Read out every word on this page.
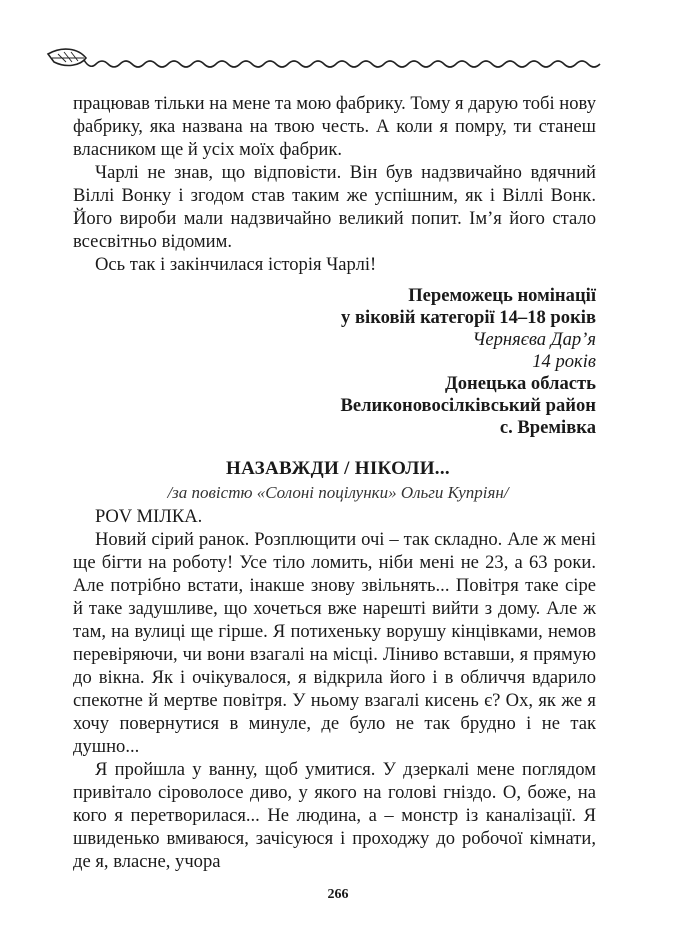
працював тільки на мене та мою фабрику. Тому я дарую тобі нову фабрику, яка названа на твою честь. А коли я помру, ти станеш власником ще й усіх моїх фабрик.

Чарлі не знав, що відповісти. Він був надзвичайно вдячний Віллі Вонку і згодом став таким же успішним, як і Віллі Вонк. Його вироби мали надзвичайно великий попит. Ім’я його стало всесвітньо відомим.

Ось так і закінчилася історія Чарлі!

Переможець номінації
у віковій категорії 14–18 років
Черняєва Дар’я
14 років
Донецька область
Великоновосілківський район
с. Времівка
НАЗАВЖДИ / НІКОЛИ...
/за повістю «Солоні поцілунки» Ольги Купріян/

POV МІЛКА.

Новий сірий ранок. Розплющити очі – так складно. Але ж мені ще бігти на роботу! Усе тіло ломить, ніби мені не 23, а 63 роки. Але потрібно встати, інакше знову звільнять... Повітря таке сіре й таке задушливе, що хочеться вже нарешті вийти з дому. Але ж там, на вулиці ще гірше. Я потихеньку ворушу кінцівками, немов перевіряючи, чи вони взагалі на місці. Ліниво вставши, я прямую до вікна. Як і очікувалося, я відкрила його і в обличчя вдарило спекотне й мертве повітря. У ньому взагалі кисень є? Ох, як же я хочу повернутися в минуле, де було не так брудно і не так душно...

Я пройшла у ванну, щоб умитися. У дзеркалі мене поглядом привітало сіроволосе диво, у якого на голові гніздо. О, боже, на кого я перетворилася... Не людина, а – монстр із каналізації. Я швиденько вмиваюся, зачісуюся і проходжу до робочої кімнати, де я, власне, учора

266
